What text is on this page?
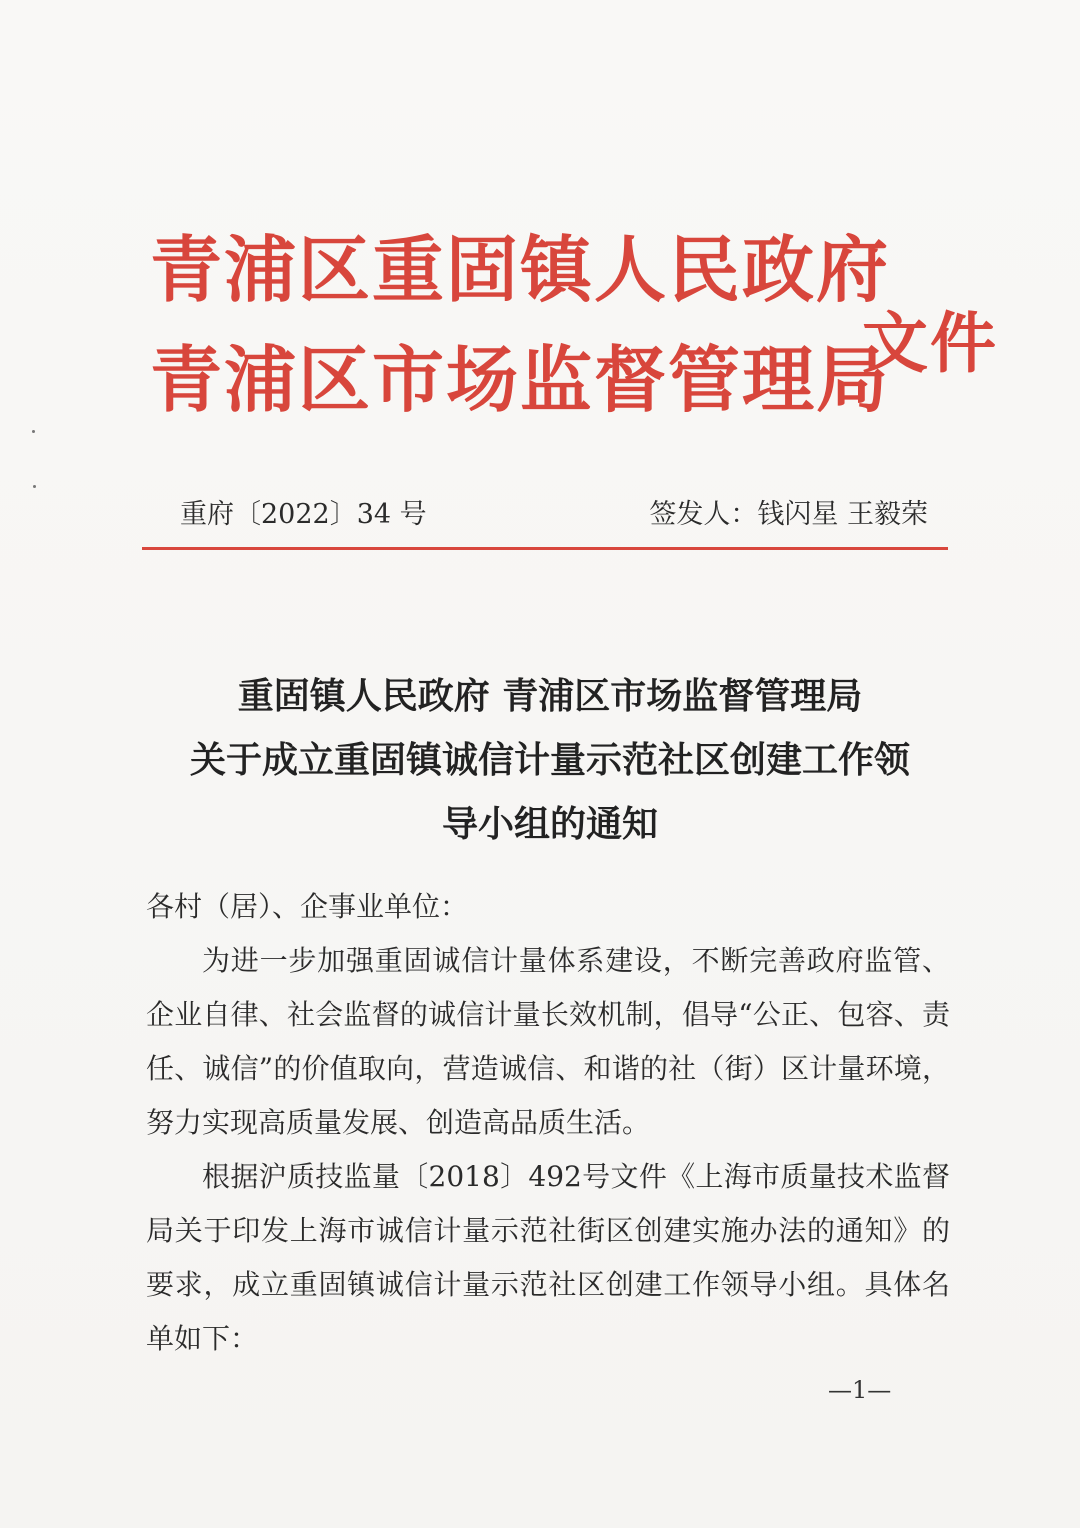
青浦区重固镇人民政府
青浦区市场监督管理局
文件
重府〔2022〕34 号	签发人：钱闪星 王毅荣
重固镇人民政府 青浦区市场监督管理局
关于成立重固镇诚信计量示范社区创建工作领
导小组的通知
各村（居）、企事业单位：
为进一步加强重固诚信计量体系建设，不断完善政府监管、企业自律、社会监督的诚信计量长效机制，倡导“公正、包容、责任、诚信”的价值取向，营造诚信、和谐的社（街）区计量环境，努力实现高质量发展、创造高品质生活。
根据沪质技监量〔2018〕492号文件《上海市质量技术监督局关于印发上海市诚信计量示范社街区创建实施办法的通知》的要求，成立重固镇诚信计量示范社区创建工作领导小组。具体名单如下：
—1—
